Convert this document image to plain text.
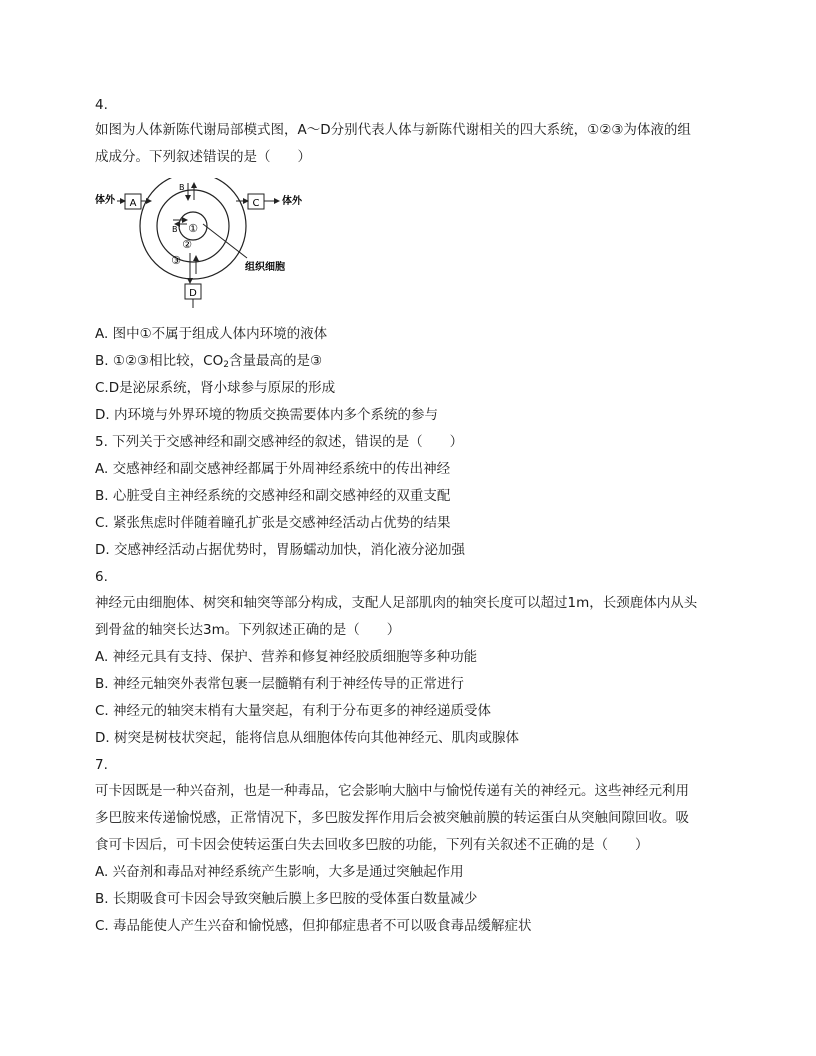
4.
如图为人体新陈代谢局部模式图，A～D分别代表人体与新陈代谢相关的四大系统，①②③为体液的组
成成分。下列叙述错误的是（　　）
A
体外	C 体外
B
B ①
②
③
组织细胞
D
A. 图中①不属于组成人体内环境的液体
B. ①②③相比较，$CO_2$含量最高的是③
C.D是泌尿系统，肾小球参与原尿的形成
D. 内环境与外界环境的物质交换需要体内多个系统的参与
5. 下列关于交感神经和副交感神经的叙述，错误的是（　　）
A. 交感神经和副交感神经都属于外周神经系统中的传出神经
B. 心脏受自主神经系统的交感神经和副交感神经的双重支配
C. 紧张焦虑时伴随着瞳孔扩张是交感神经活动占优势的结果
D. 交感神经活动占据优势时，胃肠蠕动加快，消化液分泌加强
6.
神经元由细胞体、树突和轴突等部分构成，支配人足部肌肉的轴突长度可以超过1m，长颈鹿体内从头
到骨盆的轴突长达3m。下列叙述正确的是（　　）
A. 神经元具有支持、保护、营养和修复神经胶质细胞等多种功能
B. 神经元轴突外表常包裹一层髓鞘有利于神经传导的正常进行
C. 神经元的轴突末梢有大量突起，有利于分布更多的神经递质受体
D. 树突是树枝状突起，能将信息从细胞体传向其他神经元、肌肉或腺体
7.
可卡因既是一种兴奋剂，也是一种毒品，它会影响大脑中与愉悦传递有关的神经元。这些神经元利用
多巴胺来传递愉悦感，正常情况下，多巴胺发挥作用后会被突触前膜的转运蛋白从突触间隙回收。吸
食可卡因后，可卡因会使转运蛋白失去回收多巴胺的功能，下列有关叙述不正确的是（　　）
A. 兴奋剂和毒品对神经系统产生影响，大多是通过突触起作用
B. 长期吸食可卡因会导致突触后膜上多巴胺的受体蛋白数量减少
C. 毒品能使人产生兴奋和愉悦感，但抑郁症患者不可以吸食毒品缓解症状
